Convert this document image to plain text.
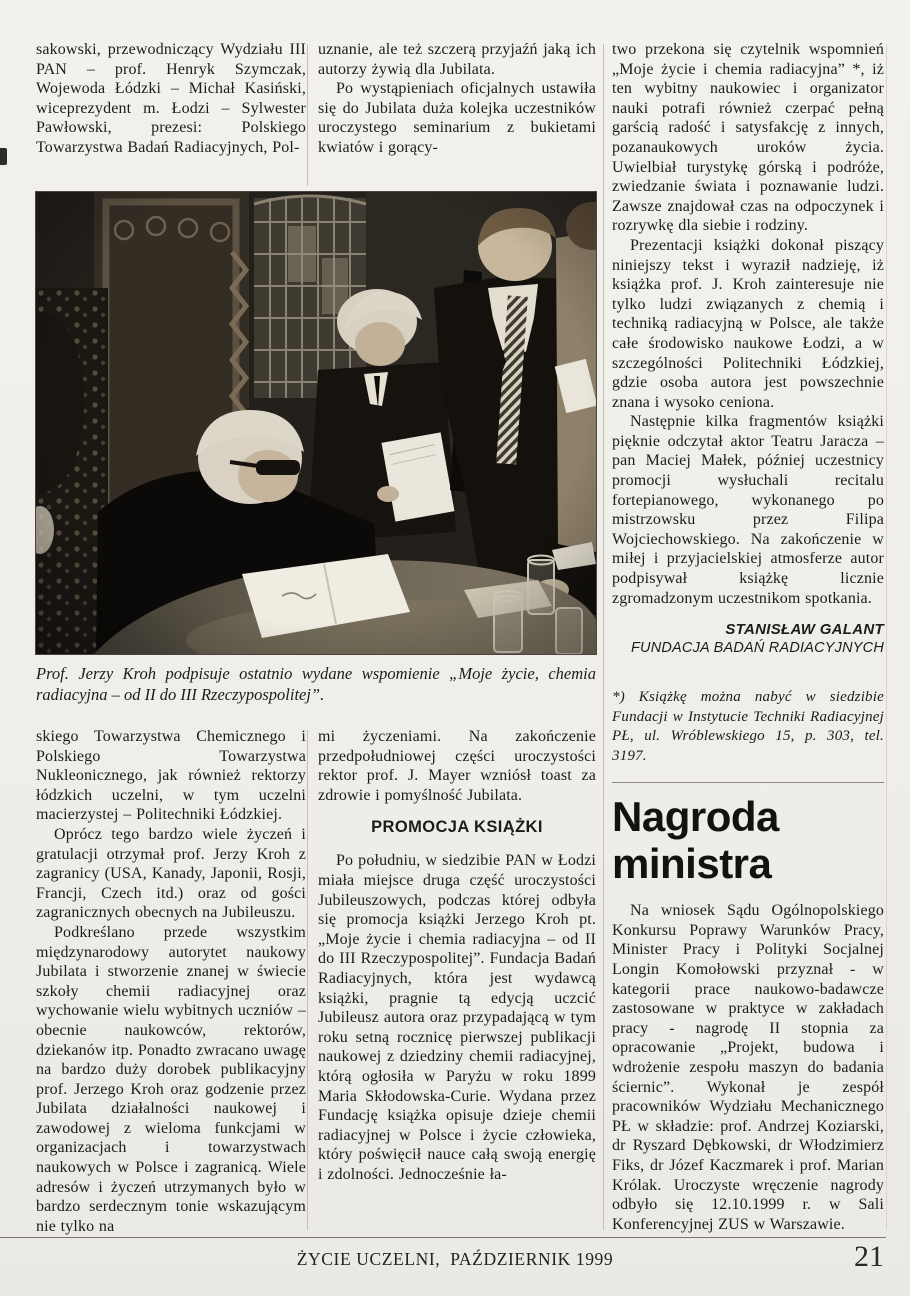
sakowski, przewodniczący Wydziału III PAN – prof. Henryk Szymczak, Wojewoda Łódzki – Michał Kasiński, wiceprezydent m. Łodzi – Sylwester Pawłowski, prezesi: Polskiego Towarzystwa Badań Radiacyjnych, Pol-

uznanie, ale też szczerą przyjaźń jaką ich autorzy żywią dla Jubilata.

Po wystąpieniach oficjalnych ustawiła się do Jubilata duża kolejka uczestników uroczystego seminarium z bukietami kwiatów i gorący-

Prof. Jerzy Kroh podpisuje ostatnio wydane wspomienie „Moje życie, chemia radiacyjna – od II do III Rzeczypospolitej”.

skiego Towarzystwa Chemicznego i Polskiego Towarzystwa Nukleonicznego, jak również rektorzy łódzkich uczelni, w tym uczelni macierzystej – Politechniki Łódzkiej.

Oprócz tego bardzo wiele życzeń i gratulacji otrzymał prof. Jerzy Kroh z zagranicy (USA, Kanady, Japonii, Rosji, Francji, Czech itd.) oraz od gości zagranicznych obecnych na Jubileuszu.

Podkreślano przede wszystkim międzynarodowy autorytet naukowy Jubilata i stworzenie znanej w świecie szkoły chemii radiacyjnej oraz wychowanie wielu wybitnych uczniów – obecnie naukowców, rektorów, dziekanów itp. Ponadto zwracano uwagę na bardzo duży dorobek publikacyjny prof. Jerzego Kroh oraz godzenie przez Jubilata działalności naukowej i zawodowej z wieloma funkcjami w organizacjach i towarzystwach naukowych w Polsce i zagranicą. Wiele adresów i życzeń utrzymanych było w bardzo serdecznym tonie wskazującym nie tylko na

mi życzeniami. Na zakończenie przedpołudniowej części uroczystości rektor prof. J. Mayer wzniósł toast za zdrowie i pomyślność Jubilata.

PROMOCJA KSIĄŻKI

Po południu, w siedzibie PAN w Łodzi miała miejsce druga część uroczystości Jubileuszowych, podczas której odbyła się promocja książki Jerzego Kroh pt. „Moje życie i chemia radiacyjna – od II do III Rzeczypospolitej”. Fundacja Badań Radiacyjnych, która jest wydawcą książki, pragnie tą edycją uczcić Jubileusz autora oraz przypadającą w tym roku setną rocznicę pierwszej publikacji naukowej z dziedziny chemii radiacyjnej, którą ogłosiła w Paryżu w roku 1899 Maria Skłodowska-Curie. Wydana przez Fundację książka opisuje dzieje chemii radiacyjnej w Polsce i życie człowieka, który poświęcił nauce całą swoją energię i zdolności. Jednocześnie ła-

two przekona się czytelnik wspomnień „Moje życie i chemia radiacyjna” *, iż ten wybitny naukowiec i organizator nauki potrafi również czerpać pełną garścią radość i satysfakcję z innych, pozanaukowych uroków życia. Uwielbiał turystykę górską i podróże, zwiedzanie świata i poznawanie ludzi. Zawsze znajdował czas na odpoczynek i rozrywkę dla siebie i rodziny.

Prezentacji książki dokonał piszący niniejszy tekst i wyraził nadzieję, iż książka prof. J. Kroh zainteresuje nie tylko ludzi związanych z chemią i techniką radiacyjną w Polsce, ale także całe środowisko naukowe Łodzi, a w szczególności Politechniki Łódzkiej, gdzie osoba autora jest powszechnie znana i wysoko ceniona.

Następnie kilka fragmentów książki pięknie odczytał aktor Teatru Jaracza – pan Maciej Małek, później uczestnicy promocji wysłuchali recitalu fortepianowego, wykonanego po mistrzowsku przez Filipa Wojciechowskiego. Na zakończenie w miłej i przyjacielskiej atmosferze autor podpisywał książkę licznie zgromadzonym uczestnikom spotkania.

STANISŁAW GALANT
FUNDACJA BADAŃ RADIACYJNYCH

*) Książkę można nabyć w siedzibie Fundacji w Instytucie Techniki Radiacyjnej PŁ, ul. Wróblewskiego 15, p. 303, tel. 3197.

Nagroda ministra

Na wniosek Sądu Ogólnopolskiego Konkursu Poprawy Warunków Pracy, Minister Pracy i Polityki Socjalnej Longin Komołowski przyznał - w kategorii prace naukowo-badawcze zastosowane w praktyce w zakładach pracy - nagrodę II stopnia za opracowanie „Projekt, budowa i wdrożenie zespołu maszyn do badania ściernic”. Wykonał je zespół pracowników Wydziału Mechanicznego PŁ w składzie: prof. Andrzej Koziarski, dr Ryszard Dębkowski, dr Włodzimierz Fiks, dr Józef Kaczmarek i prof. Marian Królak. Uroczyste wręczenie nagrody odbyło się 12.10.1999 r. w Sali Konferencyjnej ZUS w Warszawie.

ŻYCIE UCZELNI,  PAŹDZIERNIK 1999	21
